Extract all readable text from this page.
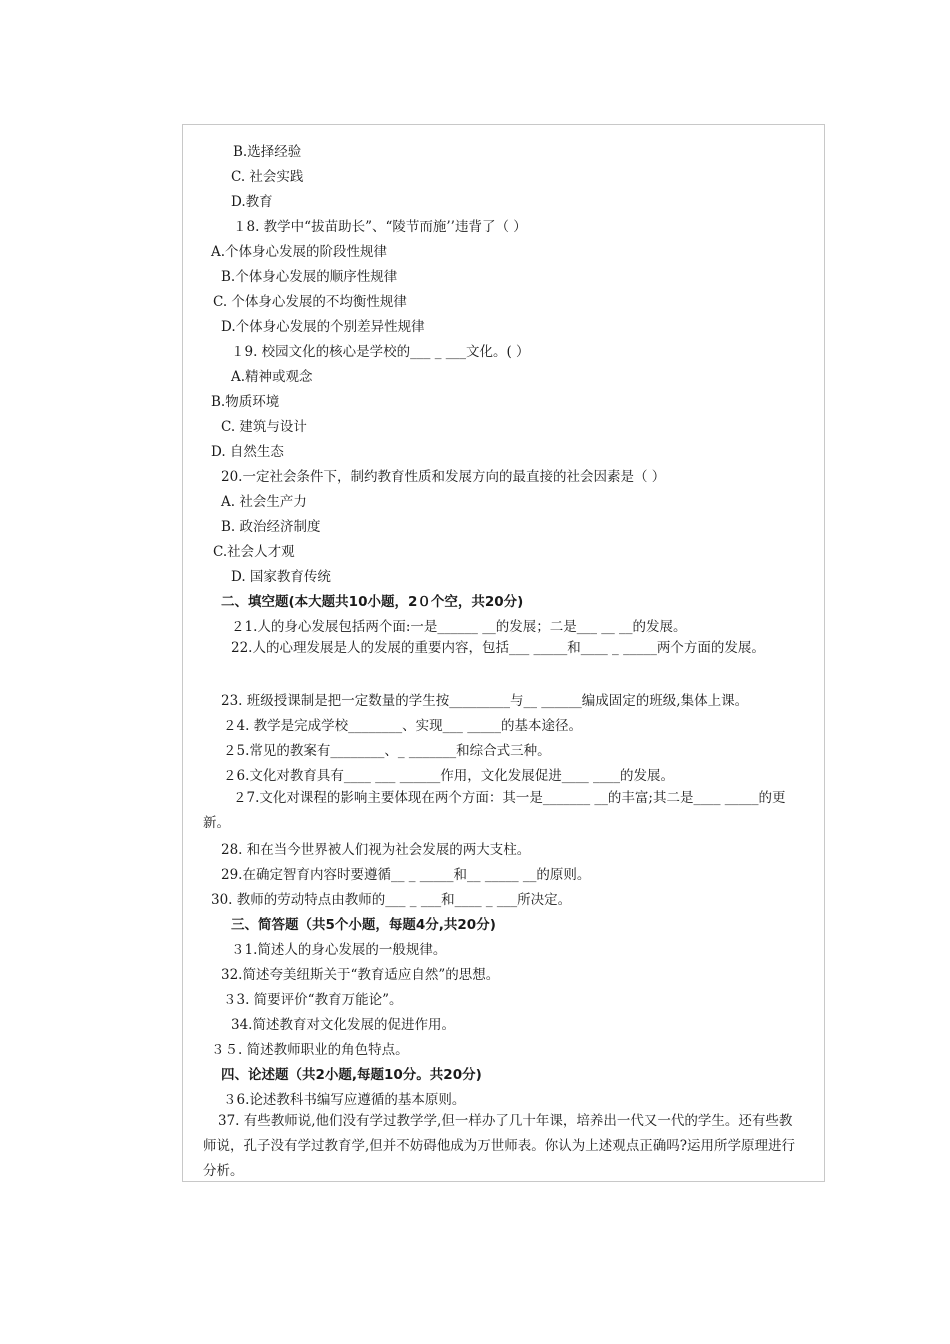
B.选择经验
C. 社会实践
D.教育
１8. 教学中“拔苗助长”、“陵节而施’’违背了（ ）
A.个体身心发展的阶段性规律
B.个体身心发展的顺序性规律
C. 个体身心发展的不均衡性规律
D.个体身心发展的个别差异性规律
１9. 校园文化的核心是学校的___ _ ___文化。( ）
A.精神或观念
B.物质环境
C. 建筑与设计
D. 自然生态
20.一定社会条件下，制约教育性质和发展方向的最直接的社会因素是（ ）
A. 社会生产力
B. 政治经济制度
C.社会人才观
D. 国家教育传统
二、填空题(本大题共10小题，2０个空，共20分)
２1.人的身心发展包括两个面:一是______ __的发展；二是___ __ __的发展。
22.人的心理发展是人的发展的重要内容，包括___ _____和____ _ _____两个方面的发展。
23. 班级授课制是把一定数量的学生按_________与__ ______编成固定的班级,集体上课。
２4. 教学是完成学校________、实现___ _____的基本途径。
２5.常见的教案有________、_ _______和综合式三种。
２6.文化对教育具有____ ___ ______作用，文化发展促进____ ____的发展。
２7.文化对课程的影响主要体现在两个方面：其一是_______ __的丰富;其二是____ _____的更新。
28. 和在当今世界被人们视为社会发展的两大支柱。
29.在确定智育内容时要遵循__ _ _____和__ _____ __的原则。
30. 教师的劳动特点由教师的___ _ ___和____ _ ___所决定。
三、简答题（共5个小题，每题4分,共20分)
３1.简述人的身心发展的一般规律。
32.简述夸美纽斯关于“教育适应自然”的思想。
３3. 简要评价“教育万能论”。
34.简述教育对文化发展的促进作用。
３５. 简述教师职业的角色特点。
四、论述题（共2小题,每题10分。共20分)
３6.论述教科书编写应遵循的基本原则。
37. 有些教师说,他们没有学过教学学,但一样办了几十年课，培养出一代又一代的学生。还有些教师说，孔子没有学过教育学,但并不妨碍他成为万世师表。你认为上述观点正确吗?运用所学原理进行分析。
